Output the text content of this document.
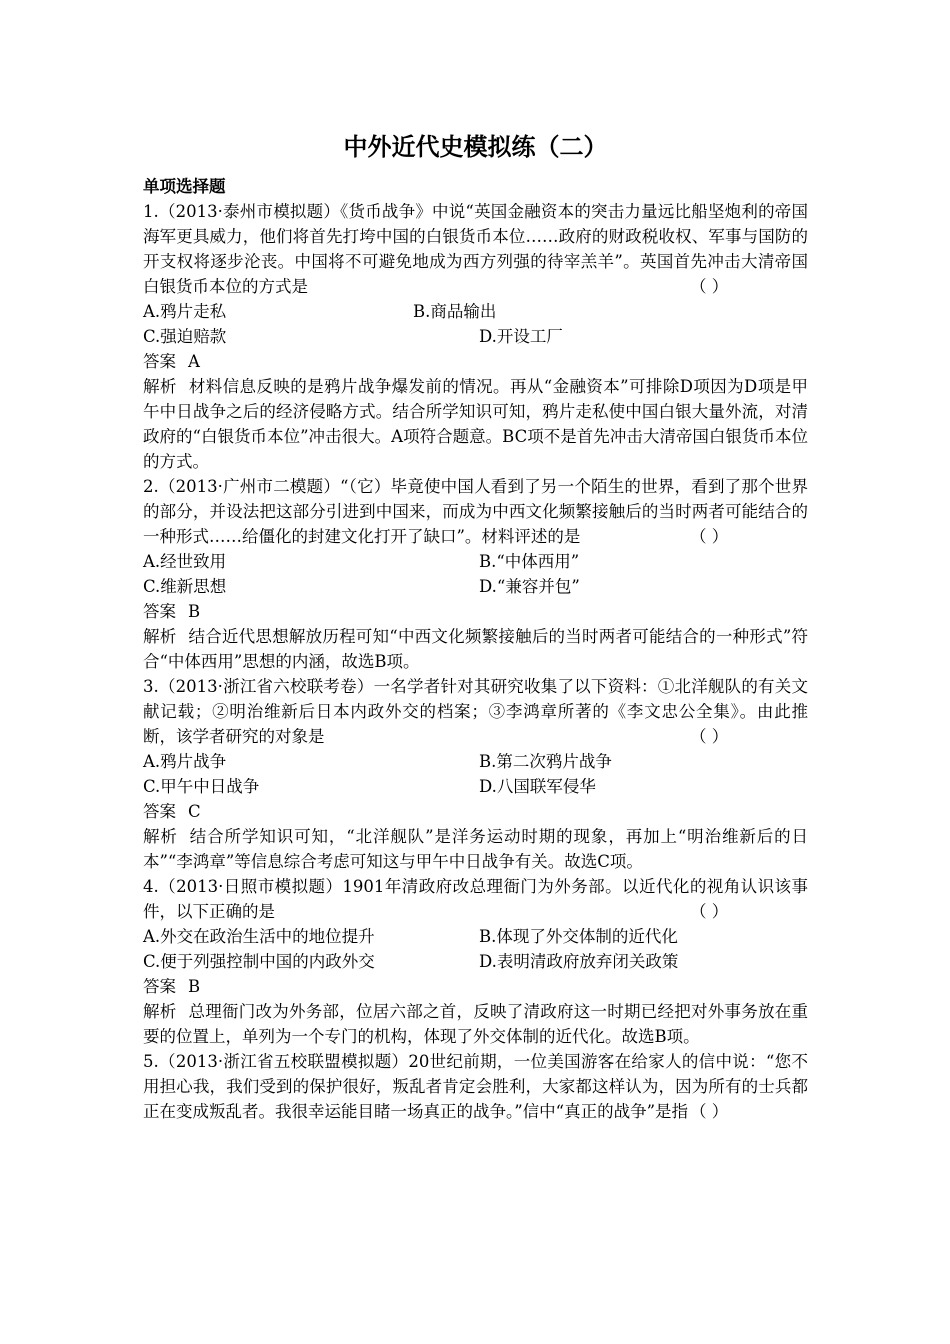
中外近代史模拟练（二）
单项选择题
1.（2013·泰州市模拟题）《货币战争》中说“英国金融资本的突击力量远比船坚炮利的帝国海军更具威力，他们将首先打垮中国的白银货币本位……政府的财政税收权、军事与国防的开支权将逐步沦丧。中国将不可避免地成为西方列强的待宰羔羊”。英国首先冲击大清帝国白银货币本位的方式是	（ ）
A.鸦片走私	B.商品输出
C.强迫赔款	D.开设工厂
答案 A
解析 材料信息反映的是鸦片战争爆发前的情况。再从“金融资本”可排除D项因为D项是甲午中日战争之后的经济侵略方式。结合所学知识可知，鸦片走私使中国白银大量外流，对清政府的“白银货币本位”冲击很大。A项符合题意。BC项不是首先冲击大清帝国白银货币本位的方式。
2.（2013·广州市二模题）“（它）毕竟使中国人看到了另一个陌生的世界，看到了那个世界的部分，并设法把这部分引进到中国来，而成为中西文化频繁接触后的当时两者可能结合的一种形式……给僵化的封建文化打开了缺口”。材料评述的是	（ ）
A.经世致用	B.“中体西用”
C.维新思想	D.“兼容并包”
答案 B
解析 结合近代思想解放历程可知“中西文化频繁接触后的当时两者可能结合的一种形式”符合“中体西用”思想的内涵，故选B项。
3.（2013·浙江省六校联考卷）一名学者针对其研究收集了以下资料：①北洋舰队的有关文献记载；②明治维新后日本内政外交的档案；③李鸿章所著的《李文忠公全集》。由此推断，该学者研究的对象是	（ ）
A.鸦片战争	B.第二次鸦片战争
C.甲午中日战争	D.八国联军侵华
答案 C
解析 结合所学知识可知，“北洋舰队”是洋务运动时期的现象，再加上“明治维新后的日本”“李鸿章”等信息综合考虑可知这与甲午中日战争有关。故选C项。
4.（2013·日照市模拟题）1901年清政府改总理衙门为外务部。以近代化的视角认识该事件，以下正确的是	（ ）
A.外交在政治生活中的地位提升	B.体现了外交体制的近代化
C.便于列强控制中国的内政外交	D.表明清政府放弃闭关政策
答案 B
解析 总理衙门改为外务部，位居六部之首，反映了清政府这一时期已经把对外事务放在重要的位置上，单列为一个专门的机构，体现了外交体制的近代化。故选B项。
5.（2013·浙江省五校联盟模拟题）20世纪前期，一位美国游客在给家人的信中说：“您不用担心我，我们受到的保护很好，叛乱者肯定会胜利，大家都这样认为，因为所有的士兵都正在变成叛乱者。我很幸运能目睹一场真正的战争。”信中“真正的战争”是指 （ ）
